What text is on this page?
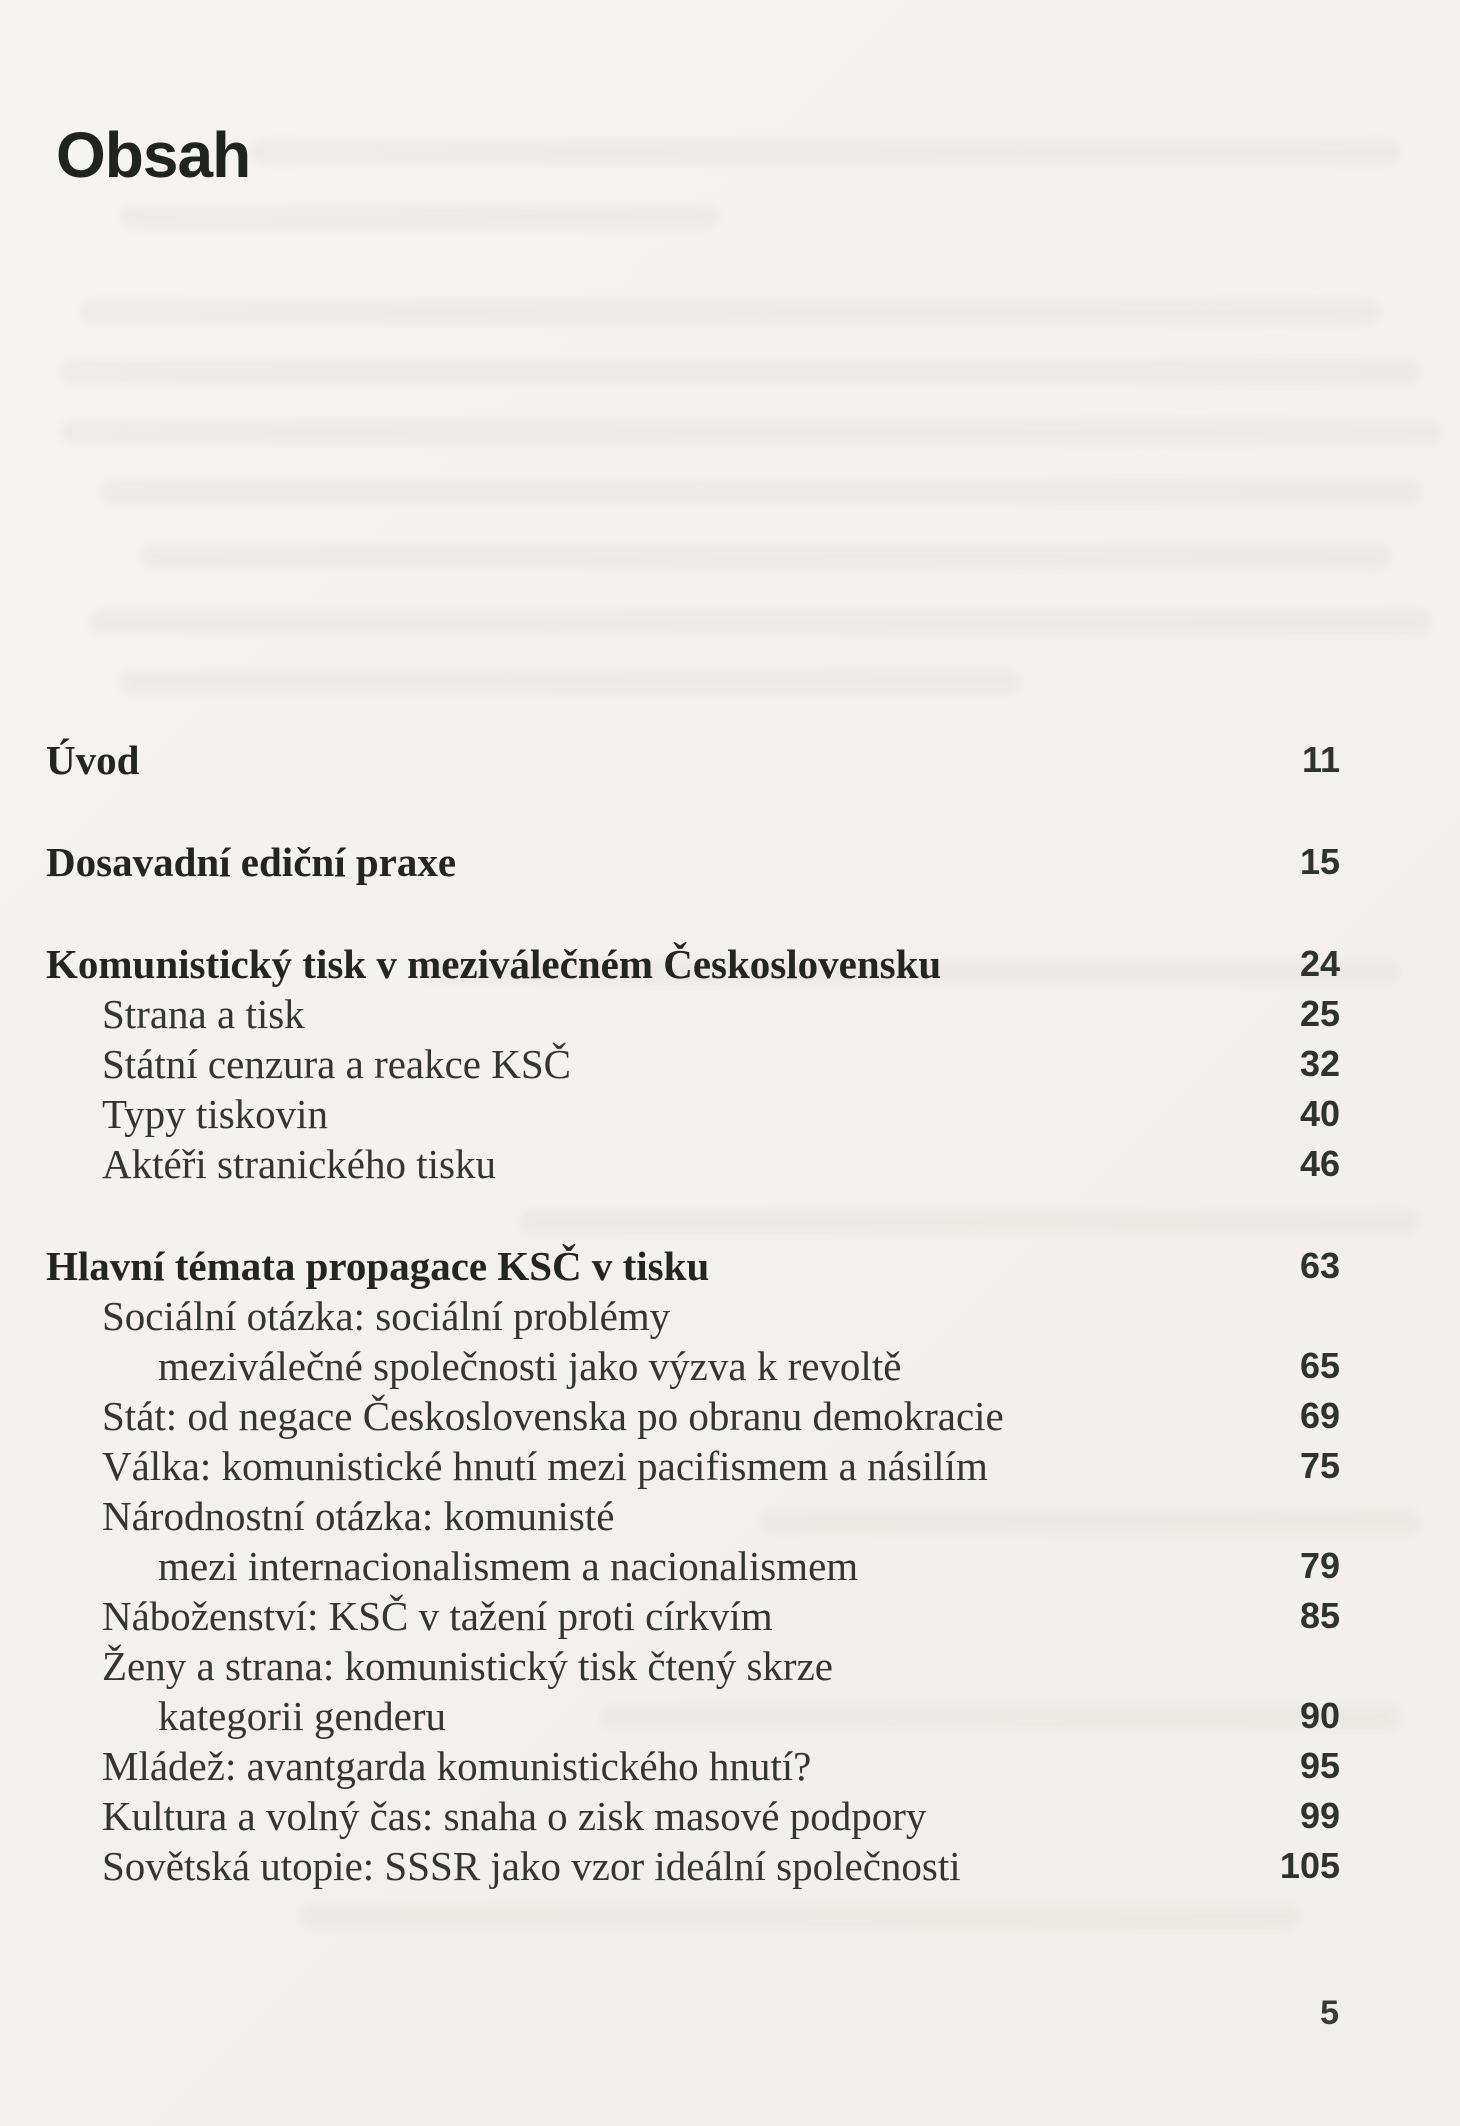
Obsah
Úvod	11
Dosavadní ediční praxe	15
Komunistický tisk v meziválečném Československu	24
Strana a tisk	25
Státní cenzura a reakce KSČ	32
Typy tiskovin	40
Aktéři stranického tisku	46
Hlavní témata propagace KSČ v tisku	63
Sociální otázka: sociální problémy
meziválečné společnosti jako výzva k revoltě	65
Stát: od negace Československa po obranu demokracie	69
Válka: komunistické hnutí mezi pacifismem a násilím	75
Národnostní otázka: komunisté
mezi internacionalismem a nacionalismem	79
Náboženství: KSČ v tažení proti církvím	85
Ženy a strana: komunistický tisk čtený skrze
kategorii genderu	90
Mládež: avantgarda komunistického hnutí?	95
Kultura a volný čas: snaha o zisk masové podpory	99
Sovětská utopie: SSSR jako vzor ideální společnosti	105
5
